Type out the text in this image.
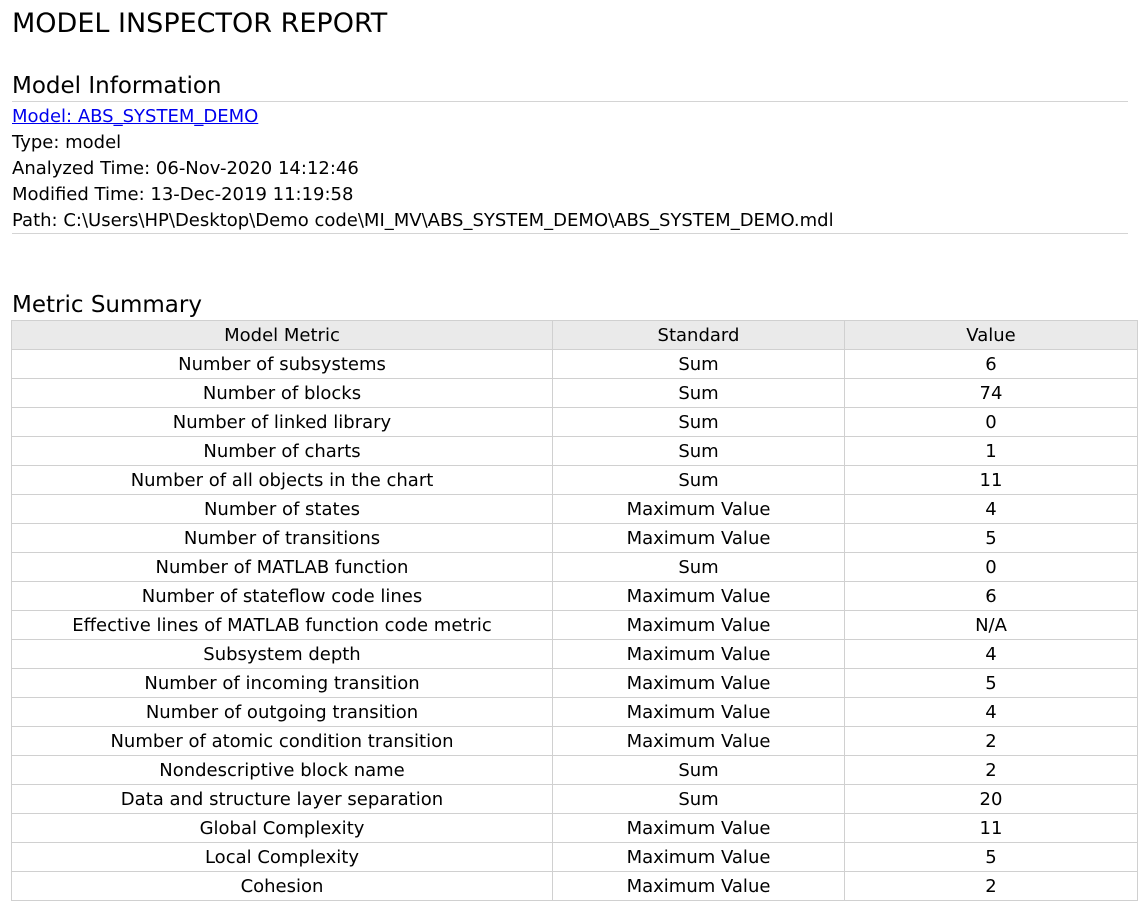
MODEL INSPECTOR REPORT
Model Information
Model: ABS_SYSTEM_DEMO
Type: model
Analyzed Time: 06-Nov-2020 14:12:46
Modified Time: 13-Dec-2019 11:19:58
Path: C:\Users\HP\Desktop\Demo code\MI_MV\ABS_SYSTEM_DEMO\ABS_SYSTEM_DEMO.mdl
Metric Summary
Model Metric	Standard	Value
Number of subsystems	Sum	6
Number of blocks	Sum	74
Number of linked library	Sum	0
Number of charts	Sum	1
Number of all objects in the chart	Sum	11
Number of states	Maximum Value	4
Number of transitions	Maximum Value	5
Number of MATLAB function	Sum	0
Number of stateflow code lines	Maximum Value	6
Effective lines of MATLAB function code metric	Maximum Value	N/A
Subsystem depth	Maximum Value	4
Number of incoming transition	Maximum Value	5
Number of outgoing transition	Maximum Value	4
Number of atomic condition transition	Maximum Value	2
Nondescriptive block name	Sum	2
Data and structure layer separation	Sum	20
Global Complexity	Maximum Value	11
Local Complexity	Maximum Value	5
Cohesion	Maximum Value	2
